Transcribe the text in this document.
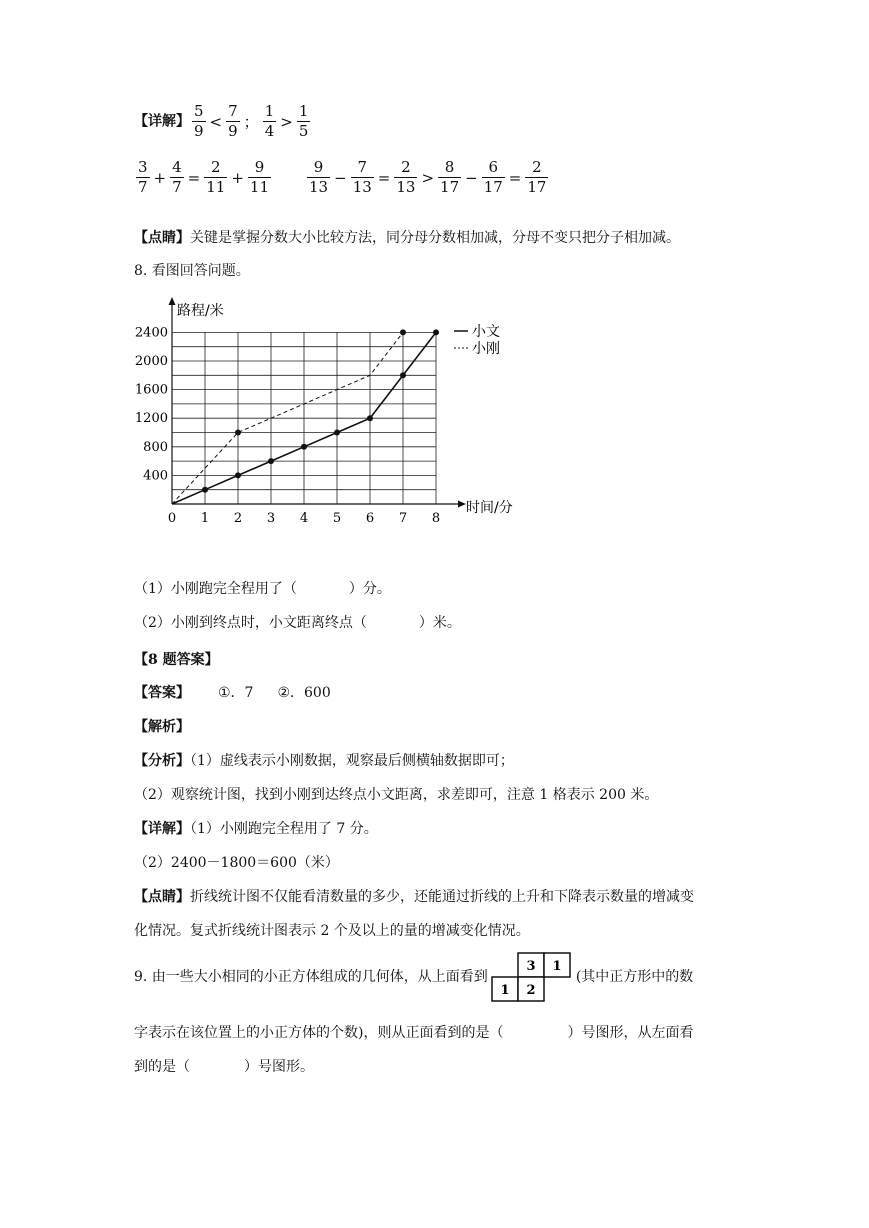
【详解】 $\frac{5}{9} < \frac{7}{9}$ ； $\frac{1}{4} > \frac{1}{5}$
$\frac{3}{7} + \frac{4}{7} = \frac{2}{11} + \frac{9}{11} \frac{9}{13} - \frac{7}{13} = \frac{2}{13} > \frac{8}{17} - \frac{6}{17} = \frac{2}{17}$
【点睛】关键是掌握分数大小比较方法，同分母分数相加减，分母不变只把分子相加减。
8. 看图回答问题。
0 1 2 3 4 5 6 7 8
400
800
1200
1600
2000
2400
路程/米
时间/分
小文
小刚
（1）小刚跑完全程用了（	）分。
（2）小刚到终点时，小文距离终点（	）米。
【8 题答案】
【答案】 ①．7 ②．600
【解析】
【分析】（1）虚线表示小刚数据，观察最后侧横轴数据即可；
（2）观察统计图，找到小刚到达终点小文距离，求差即可，注意 1 格表示 200 米。
【详解】（1）小刚跑完全程用了 7 分。
（2）2400－1800＝600（米）
【点睛】折线统计图不仅能看清数量的多少，还能通过折线的上升和下降表示数量的增减变
化情况。复式折线统计图表示 2 个及以上的量的增减变化情况。
9. 由一些大小相同的小正方体组成的几何体，从上面看到
3 1
1 2
(其中正方形中的数
字表示在该位置上的小正方体的个数)，则从正面看到的是（	）号图形，从左面看
到的是（	）号图形。
